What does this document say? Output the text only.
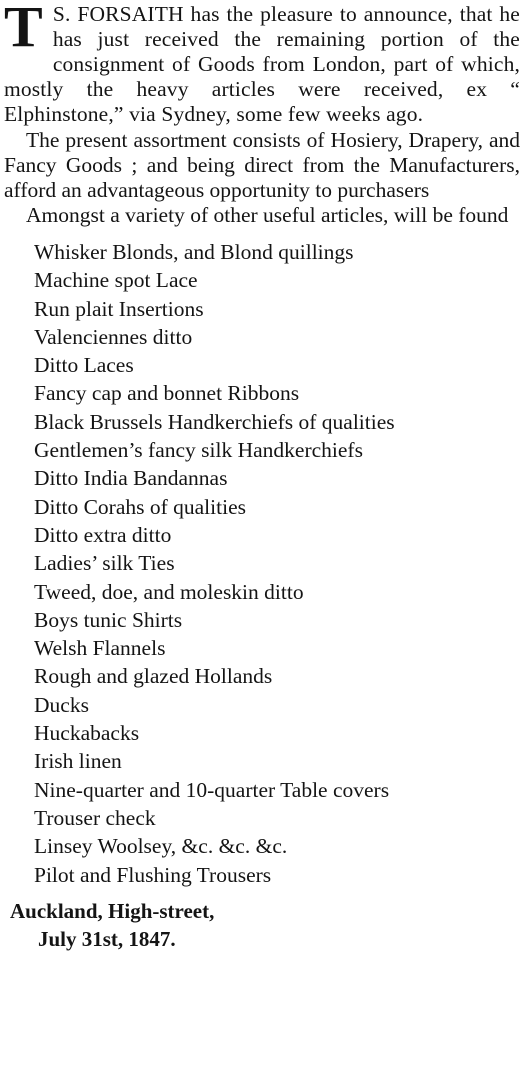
T S. FORSAITH has the pleasure to announce, that he has just received the remaining portion of the consignment of Goods from London, part of which, mostly the heavy articles were received, ex “ Elphinstone,” via Sydney, some few weeks ago.

The present assortment consists of Hosiery, Drapery, and Fancy Goods ; and being direct from the Manufacturers, afford an advantageous opportunity to purchasers

Amongst a variety of other useful articles, will be found

Whisker Blonds, and Blond quillings
Machine spot Lace
Run plait Insertions
Valenciennes ditto
Ditto Laces
Fancy cap and bonnet Ribbons
Black Brussels Handkerchiefs of qualities
Gentlemen’s fancy silk Handkerchiefs
Ditto India Bandannas
Ditto Corahs of qualities
Ditto extra ditto
Ladies’ silk Ties
Tweed, doe, and moleskin ditto
Boys tunic Shirts
Welsh Flannels
Rough and glazed Hollands
Ducks
Huckabacks
Irish linen
Nine-quarter and 10-quarter Table covers
Trouser check
Linsey Woolsey, &c. &c. &c.
Pilot and Flushing Trousers
Auckland, High-street,
July 31st, 1847.
